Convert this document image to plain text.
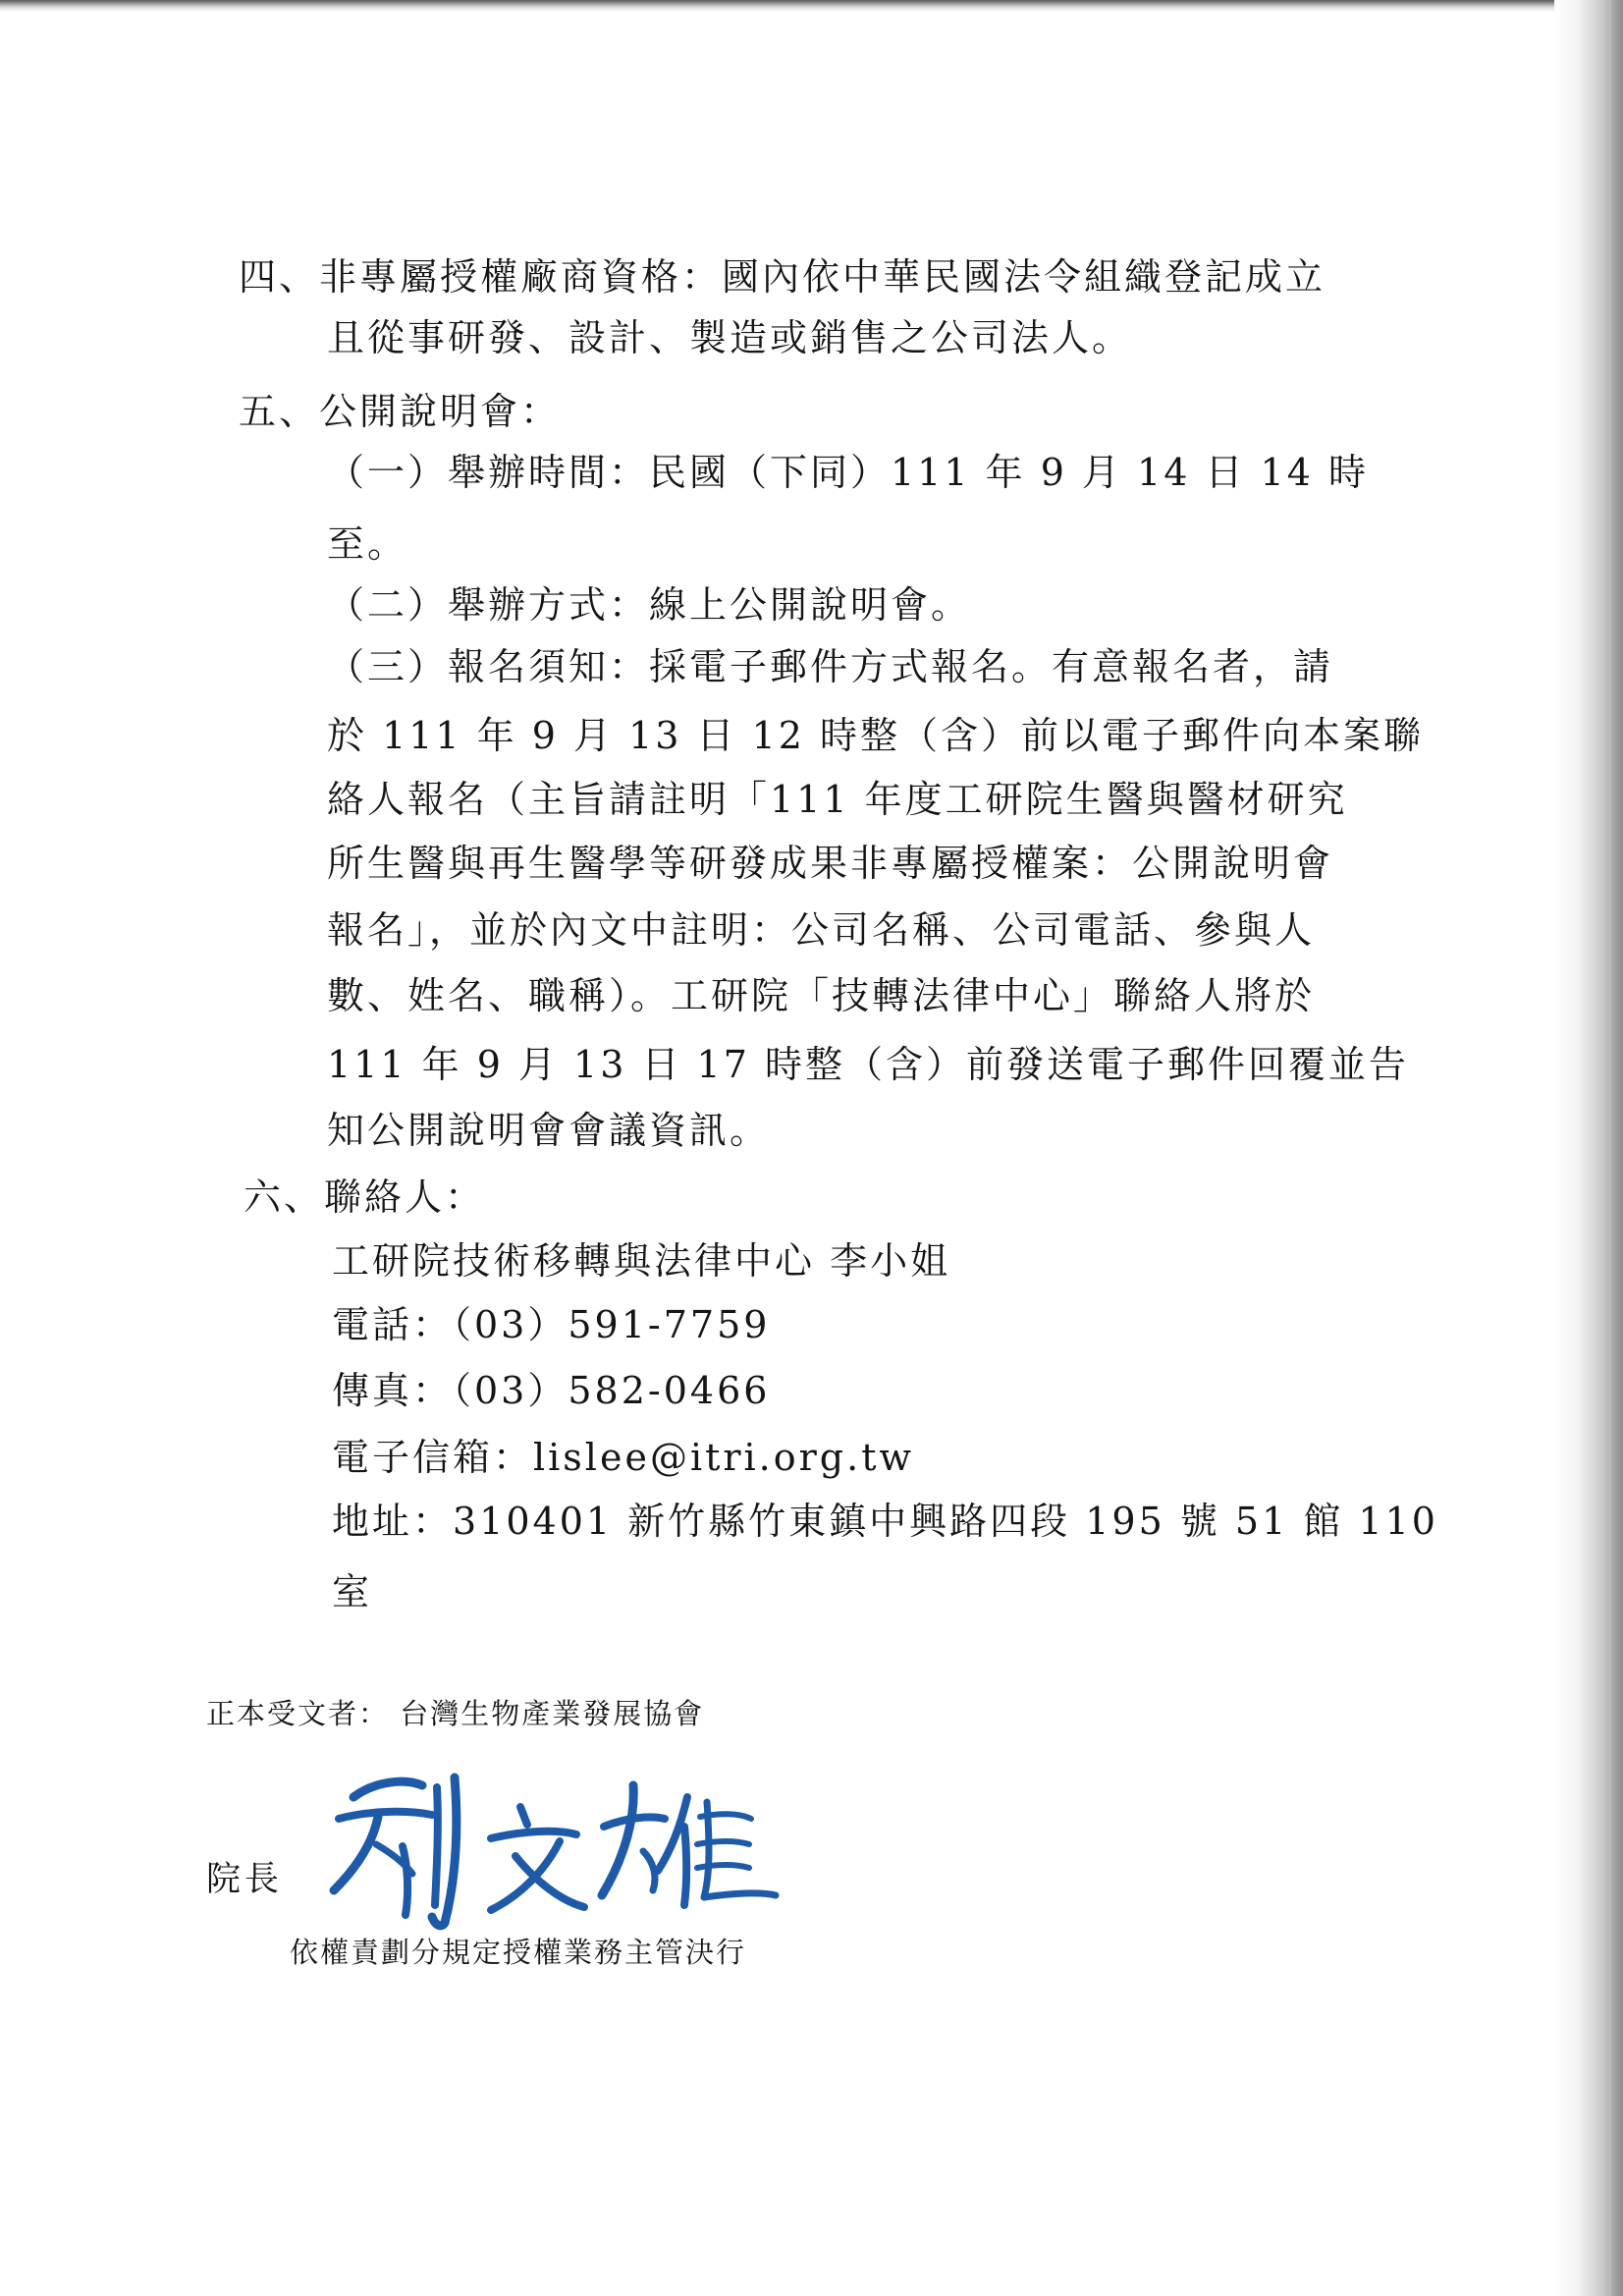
四、非專屬授權廠商資格：國內依中華民國法令組織登記成立
且從事研發、設計、製造或銷售之公司法人。
五、公開說明會：
（一）舉辦時間：民國（下同）111 年 9 月 14 日 14 時
至。
（二）舉辦方式：線上公開說明會。
（三）報名須知：採電子郵件方式報名。有意報名者，請
於 111 年 9 月 13 日 12 時整（含）前以電子郵件向本案聯
絡人報名（主旨請註明「111 年度工研院生醫與醫材研究
所生醫與再生醫學等研發成果非專屬授權案：公開說明會
報名」，並於內文中註明：公司名稱、公司電話、參與人
數、姓名、職稱）。工研院「技轉法律中心」聯絡人將於
111 年 9 月 13 日 17 時整（含）前發送電子郵件回覆並告
知公開說明會會議資訊。
六、聯絡人：
工研院技術移轉與法律中心 李小姐
電話：（03）591-7759
傳真：（03）582-0466
電子信箱：lislee@itri.org.tw
地址：310401 新竹縣竹東鎮中興路四段 195 號 51 館 110
室
正本受文者： 台灣生物產業發展協會
院長
依權責劃分規定授權業務主管決行
